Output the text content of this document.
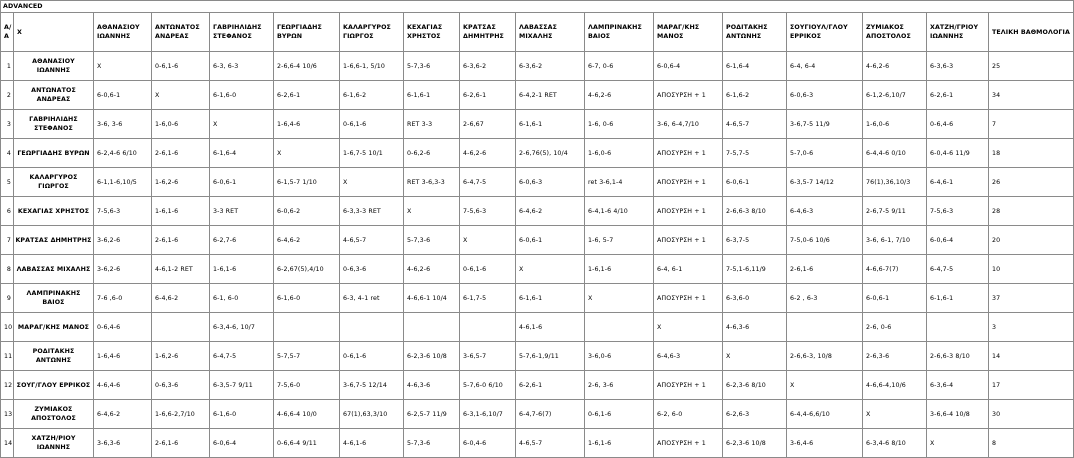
ADVANCED																
Α/Α	Χ	ΑΘΑΝΑΣΙΟΥ ΙΩΑΝΝΗΣ	ΑΝΤΩΝΑΤΟΣ ΑΝΔΡΕΑΣ	ΓΑΒΡΙΗΛΙΔΗΣ ΣΤΕΦΑΝΟΣ	ΓΕΩΡΓΙΑΔΗΣ ΒΥΡΩΝ	ΚΑΛΑΡΓΥΡΟΣ ΓΙΩΡΓΟΣ	ΚΕΧΑΓΙΑΣ ΧΡΗΣΤΟΣ	ΚΡΑΤΣΑΣ ΔΗΜΗΤΡΗΣ	ΛΑΒΑΣΣΑΣ ΜΙΧΑΛΗΣ	ΛΑΜΠΡΙΝΑΚΗΣ ΒΑΙΟΣ	ΜΑΡΑΓ/ΚΗΣ ΜΑΝΟΣ	ΡΟΔΙΤΑΚΗΣ ΑΝΤΩΝΗΣ	ΣΟΥΓΙΟΥΛ/ΓΛΟΥ ΕΡΡΙΚΟΣ	ΖΥΜΙΑΚΟΣ ΑΠΟΣΤΟΛΟΣ	ΧΑΤΖΗ/ΓΡΙΟΥ ΙΩΑΝΝΗΣ	ΤΕΛΙΚΗ ΒΑΘΜΟΛΟΓΙΑ
1	ΑΘΑΝΑΣΙΟΥ ΙΩΑΝΝΗΣ	Χ	0-6,1-6	6-3, 6-3	2-6,6-4 10/6	1-6,6-1, 5/10	5-7,3-6	6-3,6-2	6-3,6-2	6-7, 0-6	6-0,6-4	6-1,6-4	6-4, 6-4	4-6,2-6	6-3,6-3	25
2	ΑΝΤΩΝΑΤΟΣ ΑΝΔΡΕΑΣ	6-0,6-1	Χ	6-1,6-0	6-2,6-1	6-1,6-2	6-1,6-1	6-2,6-1	6-4,2-1 RET	4-6,2-6	ΑΠΟΣΥΡΣΗ + 1	6-1,6-2	6-0,6-3	6-1,2-6,10/7	6-2,6-1	34
3	ΓΑΒΡΙΗΛΙΔΗΣ ΣΤΕΦΑΝΟΣ	3-6, 3-6	1-6,0-6	Χ	1-6,4-6	0-6,1-6	RET 3-3	2-6,67	6-1,6-1	1-6, 0-6	3-6, 6-4,7/10	4-6,5-7	3-6,7-5 11/9	1-6,0-6	0-6,4-6	7
4	ΓΕΩΡΓΙΑΔΗΣ ΒΥΡΩΝ	6-2,4-6 6/10	2-6,1-6	6-1,6-4	Χ	1-6,7-5 10/1	0-6,2-6	4-6,2-6	2-6,76(5), 10/4	1-6,0-6	ΑΠΟΣΥΡΣΗ + 1	7-5,7-5	5-7,0-6	6-4,4-6 0/10	6-0,4-6 11/9	18
5	ΚΑΛΑΡΓΥΡΟΣ ΓΙΩΡΓΟΣ	6-1,1-6,10/5	1-6,2-6	6-0,6-1	6-1,5-7 1/10	Χ	RET 3-6,3-3	6-4,7-5	6-0,6-3	ret 3-6,1-4	ΑΠΟΣΥΡΣΗ + 1	6-0,6-1	6-3,5-7 14/12	76(1),36,10/3	6-4,6-1	26
6	ΚΕΧΑΓΙΑΣ ΧΡΗΣΤΟΣ	7-5,6-3	1-6,1-6	3-3 RET	6-0,6-2	6-3,3-3 RET	Χ	7-5,6-3	6-4,6-2	6-4,1-6 4/10	ΑΠΟΣΥΡΣΗ + 1	2-6,6-3 8/10	6-4,6-3	2-6,7-5 9/11	7-5,6-3	28
7	ΚΡΑΤΣΑΣ ΔΗΜΗΤΡΗΣ	3-6,2-6	2-6,1-6	6-2,7-6	6-4,6-2	4-6,5-7	5-7,3-6	Χ	6-0,6-1	1-6, 5-7	ΑΠΟΣΥΡΣΗ + 1	6-3,7-5	7-5,0-6 10/6	3-6, 6-1, 7/10	6-0,6-4	20
8	ΛΑΒΑΣΣΑΣ ΜΙΧΑΛΗΣ	3-6,2-6	4-6,1-2 RET	1-6,1-6	6-2,67(5),4/10	0-6,3-6	4-6,2-6	0-6,1-6	Χ	1-6,1-6	6-4, 6-1	7-5,1-6,11/9	2-6,1-6	4-6,6-7(7)	6-4,7-5	10
9	ΛΑΜΠΡΙΝΑΚΗΣ ΒΑΙΟΣ	7-6 ,6-0	6-4,6-2	6-1, 6-0	6-1,6-0	6-3, 4-1 ret	4-6,6-1 10/4	6-1,7-5	6-1,6-1	Χ	ΑΠΟΣΥΡΣΗ + 1	6-3,6-0	6-2 , 6-3	6-0,6-1	6-1,6-1	37
10	ΜΑΡΑΓ/ΚΗΣ ΜΑΝΟΣ	0-6,4-6		6-3,4-6, 10/7					4-6,1-6		Χ	4-6,3-6		2-6, 0-6		3
11	ΡΟΔΙΤΑΚΗΣ ΑΝΤΩΝΗΣ	1-6,4-6	1-6,2-6	6-4,7-5	5-7,5-7	0-6,1-6	6-2,3-6 10/8	3-6,5-7	5-7,6-1,9/11	3-6,0-6	6-4,6-3	Χ	2-6,6-3, 10/8	2-6,3-6	2-6,6-3 8/10	14
12	ΣΟΥΓ/ΓΛΟΥ ΕΡΡΙΚΟΣ	4-6,4-6	0-6,3-6	6-3,5-7 9/11	7-5,6-0	3-6,7-5 12/14	4-6,3-6	5-7,6-0 6/10	6-2,6-1	2-6, 3-6	ΑΠΟΣΥΡΣΗ + 1	6-2,3-6 8/10	Χ	4-6,6-4,10/6	6-3,6-4	17
13	ΖΥΜΙΑΚΟΣ ΑΠΟΣΤΟΛΟΣ	6-4,6-2	1-6,6-2,7/10	6-1,6-0	4-6,6-4 10/0	67(1),63,3/10	6-2,5-7 11/9	6-3,1-6,10/7	6-4,7-6(7)	0-6,1-6	6-2, 6-0	6-2,6-3	6-4,4-6,6/10	Χ	3-6,6-4 10/8	30
14	ΧΑΤΖΗ/ΡΙΟΥ ΙΩΑΝΝΗΣ	3-6,3-6	2-6,1-6	6-0,6-4	0-6,6-4 9/11	4-6,1-6	5-7,3-6	6-0,4-6	4-6,5-7	1-6,1-6	ΑΠΟΣΥΡΣΗ + 1	6-2,3-6 10/8	3-6,4-6	6-3,4-6 8/10	Χ	8
